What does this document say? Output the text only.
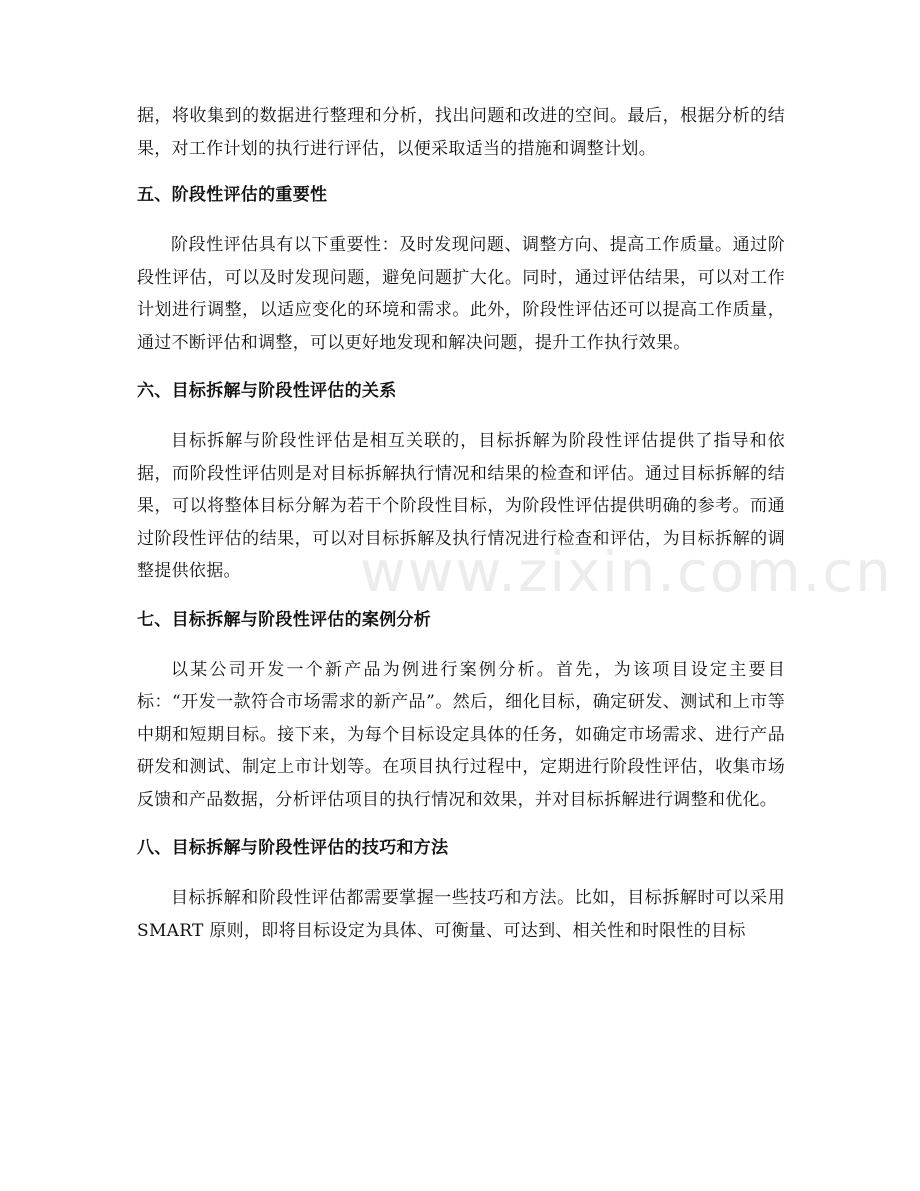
据，将收集到的数据进行整理和分析，找出问题和改进的空间。最后，根据分析的结果，对工作计划的执行进行评估，以便采取适当的措施和调整计划。

五、阶段性评估的重要性

阶段性评估具有以下重要性：及时发现问题、调整方向、提高工作质量。通过阶段性评估，可以及时发现问题，避免问题扩大化。同时，通过评估结果，可以对工作计划进行调整，以适应变化的环境和需求。此外，阶段性评估还可以提高工作质量，通过不断评估和调整，可以更好地发现和解决问题，提升工作执行效果。

六、目标拆解与阶段性评估的关系

目标拆解与阶段性评估是相互关联的，目标拆解为阶段性评估提供了指导和依据，而阶段性评估则是对目标拆解执行情况和结果的检查和评估。通过目标拆解的结果，可以将整体目标分解为若干个阶段性目标，为阶段性评估提供明确的参考。而通过阶段性评估的结果，可以对目标拆解及执行情况进行检查和评估，为目标拆解的调整提供依据。

七、目标拆解与阶段性评估的案例分析

以某公司开发一个新产品为例进行案例分析。首先，为该项目设定主要目标：“开发一款符合市场需求的新产品”。然后，细化目标，确定研发、测试和上市等中期和短期目标。接下来，为每个目标设定具体的任务，如确定市场需求、进行产品研发和测试、制定上市计划等。在项目执行过程中，定期进行阶段性评估，收集市场反馈和产品数据，分析评估项目的执行情况和效果，并对目标拆解进行调整和优化。

八、目标拆解与阶段性评估的技巧和方法

目标拆解和阶段性评估都需要掌握一些技巧和方法。比如，目标拆解时可以采用 SMART 原则，即将目标设定为具体、可衡量、可达到、相关性和时限性的目标

www.zixin.com.cn
